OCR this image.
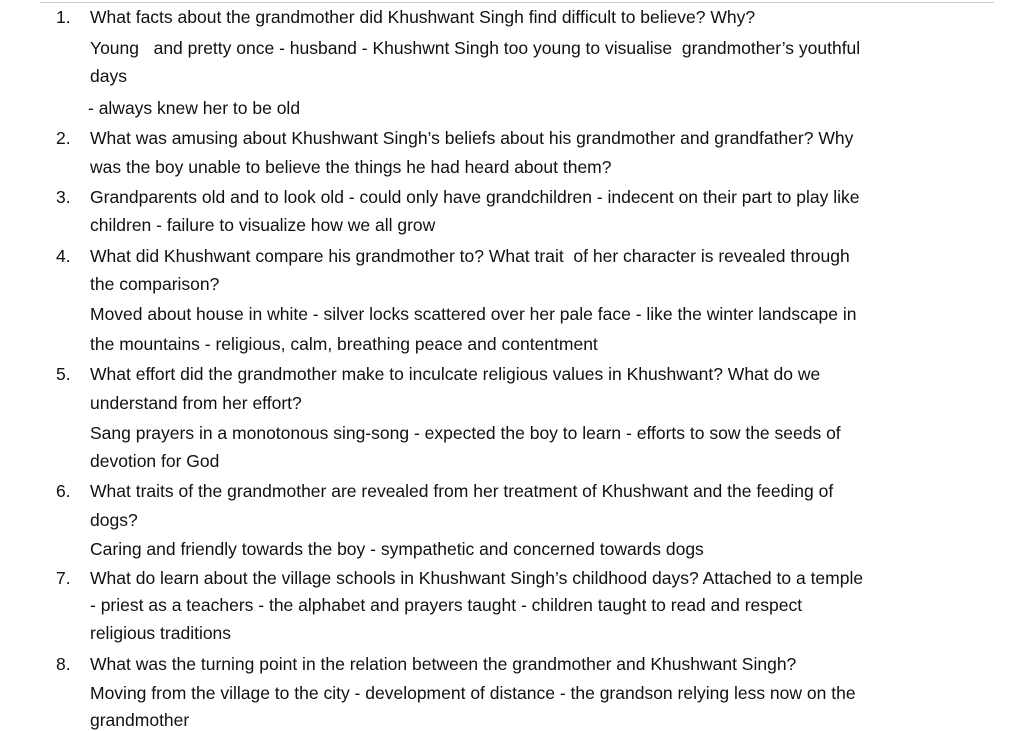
1. What facts about the grandmother did Khushwant Singh find difficult to believe? Why?
Young   and pretty once - husband - Khushwnt Singh too young to visualise  grandmother’s youthful
days
- always knew her to be old
2. What was amusing about Khushwant Singh’s beliefs about his grandmother and grandfather? Why
was the boy unable to believe the things he had heard about them?
3. Grandparents old and to look old - could only have grandchildren - indecent on their part to play like
children - failure to visualize how we all grow
4. What did Khushwant compare his grandmother to? What trait  of her character is revealed through
the comparison?
Moved about house in white - silver locks scattered over her pale face - like the winter landscape in
the mountains - religious, calm, breathing peace and contentment
5. What effort did the grandmother make to inculcate religious values in Khushwant? What do we
understand from her effort?
Sang prayers in a monotonous sing-song - expected the boy to learn - efforts to sow the seeds of
devotion for God
6. What traits of the grandmother are revealed from her treatment of Khushwant and the feeding of
dogs?
Caring and friendly towards the boy - sympathetic and concerned towards dogs
7. What do learn about the village schools in Khushwant Singh’s childhood days? Attached to a temple
- priest as a teachers - the alphabet and prayers taught - children taught to read and respect
religious traditions
8. What was the turning point in the relation between the grandmother and Khushwant Singh?
Moving from the village to the city - development of distance - the grandson relying less now on the
grandmother
